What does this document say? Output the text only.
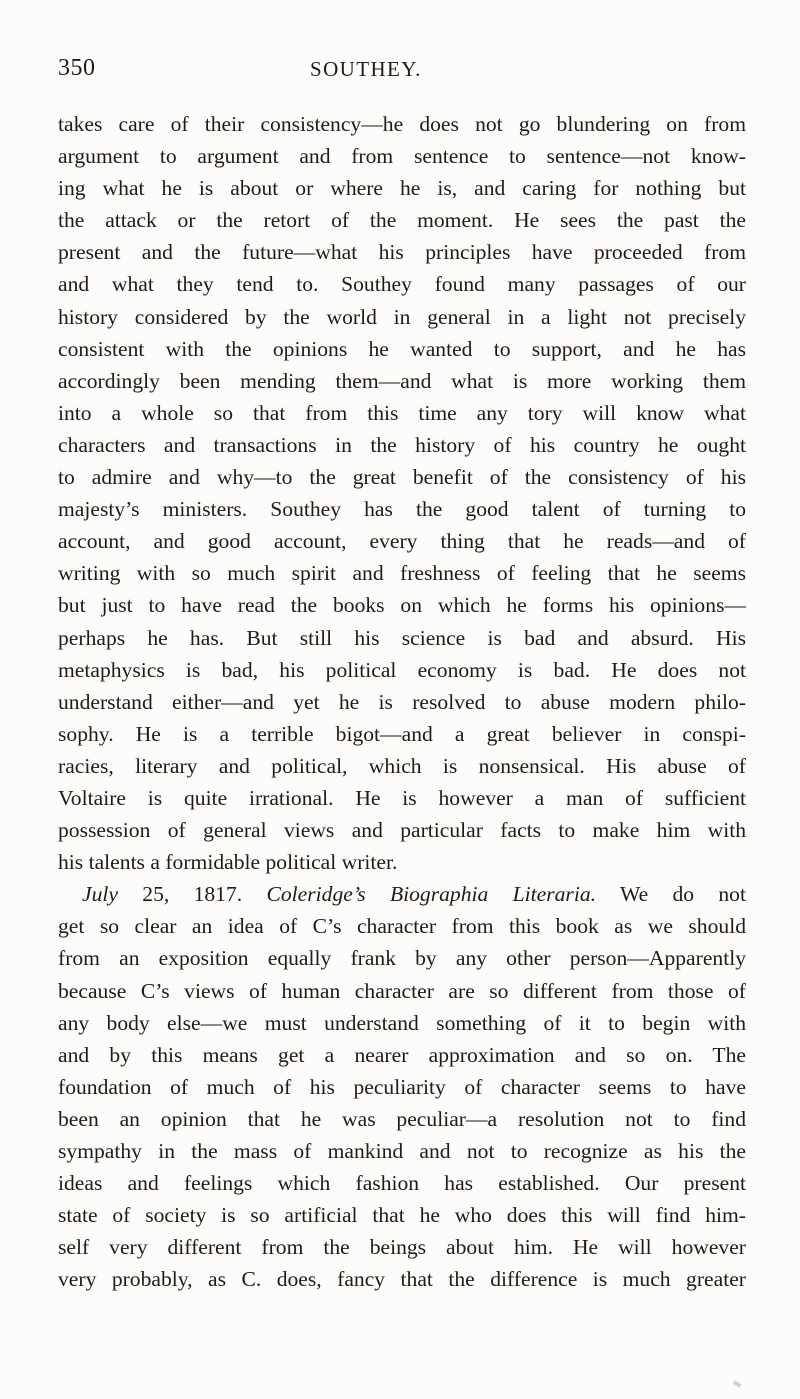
350	SOUTHEY.
takes care of their consistency—he does not go blundering on from
argument to argument and from sentence to sentence—not know-
ing what he is about or where he is, and caring for nothing but
the attack or the retort of the moment. He sees the past the
present and the future—what his principles have proceeded from
and what they tend to. Southey found many passages of our
history considered by the world in general in a light not precisely
consistent with the opinions he wanted to support, and he has
accordingly been mending them—and what is more working them
into a whole so that from this time any tory will know what
characters and transactions in the history of his country he ought
to admire and why—to the great benefit of the consistency of his
majesty’s ministers. Southey has the good talent of turning to
account, and good account, every thing that he reads—and of
writing with so much spirit and freshness of feeling that he seems
but just to have read the books on which he forms his opinions—
perhaps he has. But still his science is bad and absurd. His
metaphysics is bad, his political economy is bad. He does not
understand either—and yet he is resolved to abuse modern philo-
sophy. He is a terrible bigot—and a great believer in conspi-
racies, literary and political, which is nonsensical. His abuse of
Voltaire is quite irrational. He is however a man of sufficient
possession of general views and particular facts to make him with
his talents a formidable political writer.
July 25, 1817. Coleridge’s Biographia Literaria. We do not
get so clear an idea of C’s character from this book as we should
from an exposition equally frank by any other person—Apparently
because C’s views of human character are so different from those of
any body else—we must understand something of it to begin with
and by this means get a nearer approximation and so on. The
foundation of much of his peculiarity of character seems to have
been an opinion that he was peculiar—a resolution not to find
sympathy in the mass of mankind and not to recognize as his the
ideas and feelings which fashion has established. Our present
state of society is so artificial that he who does this will find him-
self very different from the beings about him. He will however
very probably, as C. does, fancy that the difference is much greater
